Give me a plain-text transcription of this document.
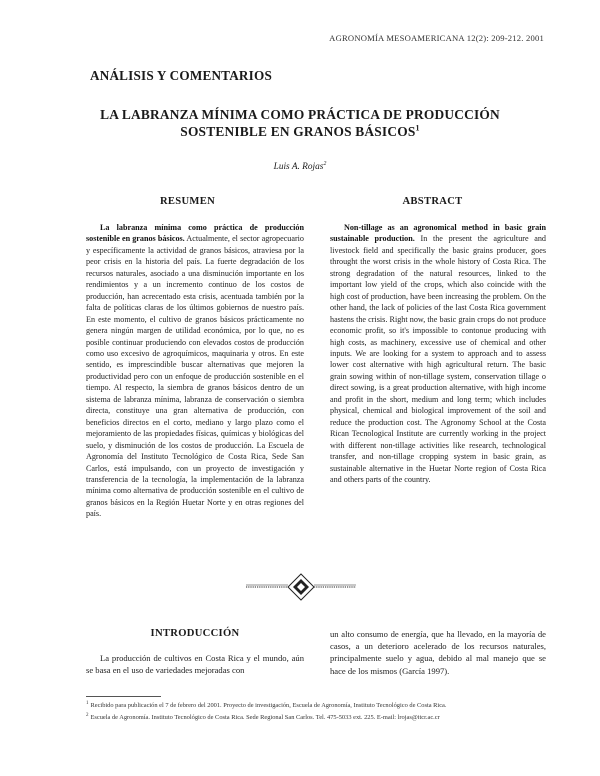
AGRONOMÍA MESOAMERICANA 12(2): 209-212. 2001
ANÁLISIS Y COMENTARIOS
LA LABRANZA MÍNIMA COMO PRÁCTICA DE PRODUCCIÓN
SOSTENIBLE EN GRANOS BÁSICOS$^1$
Luis A. Rojas$^2$
RESUMEN	ABSTRACT
La labranza mínima como práctica de producción sostenible en granos básicos. Actualmente, el sector agropecuario y específicamente la actividad de granos básicos, atraviesa por la peor crisis en la historia del país. La fuerte degradación de los recursos naturales, asociado a una disminución importante en los rendimientos y a un incremento continuo de los costos de producción, han acrecentado esta crisis, acentuada también por la falta de políticas claras de los últimos gobiernos de nuestro país. En este momento, el cultivo de granos básicos prácticamente no genera ningún margen de utilidad económica, por lo que, no es posible continuar produciendo con elevados costos de producción como uso excesivo de agroquímicos, maquinaria y otros. En este sentido, es imprescindible buscar alternativas que mejoren la productividad pero con un enfoque de producción sostenible en el tiempo. Al respecto, la siembra de granos básicos dentro de un sistema de labranza mínima, labranza de conservación o siembra directa, constituye una gran alternativa de producción, con beneficios directos en el corto, mediano y largo plazo como el mejoramiento de las propiedades físicas, químicas y biológicas del suelo, y disminución de los costos de producción. La Escuela de Agronomía del Instituto Tecnológico de Costa Rica, Sede San Carlos, está impulsando, con un proyecto de investigación y transferencia de la tecnología, la implementación de la labranza mínima como alternativa de producción sostenible en el cultivo de granos básicos en la Región Huetar Norte y en otras regiones del país.
Non-tillage as an agronomical method in basic grain sustainable production. In the present the agriculture and livestock field and specifically the basic grains producer, goes throught the worst crisis in the whole history of Costa Rica. The strong degradation of the natural resources, linked to the important low yield of the crops, which also coincide with the high cost of production, have been increasing the problem. On the other hand, the lack of policies of the last Costa Rica government hastens the crisis. Right now, the basic grain crops do not produce economic profit, so it's impossible to contonue producing with high costs, as machinery, excessive use of chemical and other inputs. We are looking for a system to approach and to assess lower cost alternative with high agricultural return. The basic grain sowing within of non-tillage system, conservation tillage o direct sowing, is a great production alternative, with high income and profit in the short, medium and long term; which includes physical, chemical and biological improvement of the soil and reduce the production cost. The Agronomy School at the Costa Rican Tecnological Institute are currently working in the project with different non-tillage activities like research, technological transfer, and non-tillage cropping system in basic grain, as sustainable alternative in the Huetar Norte region of Costa Rica and others parts of the country.
INTRODUCCIÓN
La producción de cultivos en Costa Rica y el mundo, aún se basa en el uso de variedades mejoradas con
un alto consumo de energía, que ha llevado, en la mayoría de casos, a un deterioro acelerado de los recursos naturales, principalmente suelo y agua, debido al mal manejo que se hace de los mismos (García 1997).
$^1$ Recibido para publicación el 7 de febrero del 2001. Proyecto de investigación, Escuela de Agronomía, Instituto Tecnológico de Costa Rica.
$^2$ Escuela de Agronomía. Instituto Tecnológico de Costa Rica. Sede Regional San Carlos. Tel. 475-5033 ext. 225. E-mail: lrojas@itcr.ac.cr
